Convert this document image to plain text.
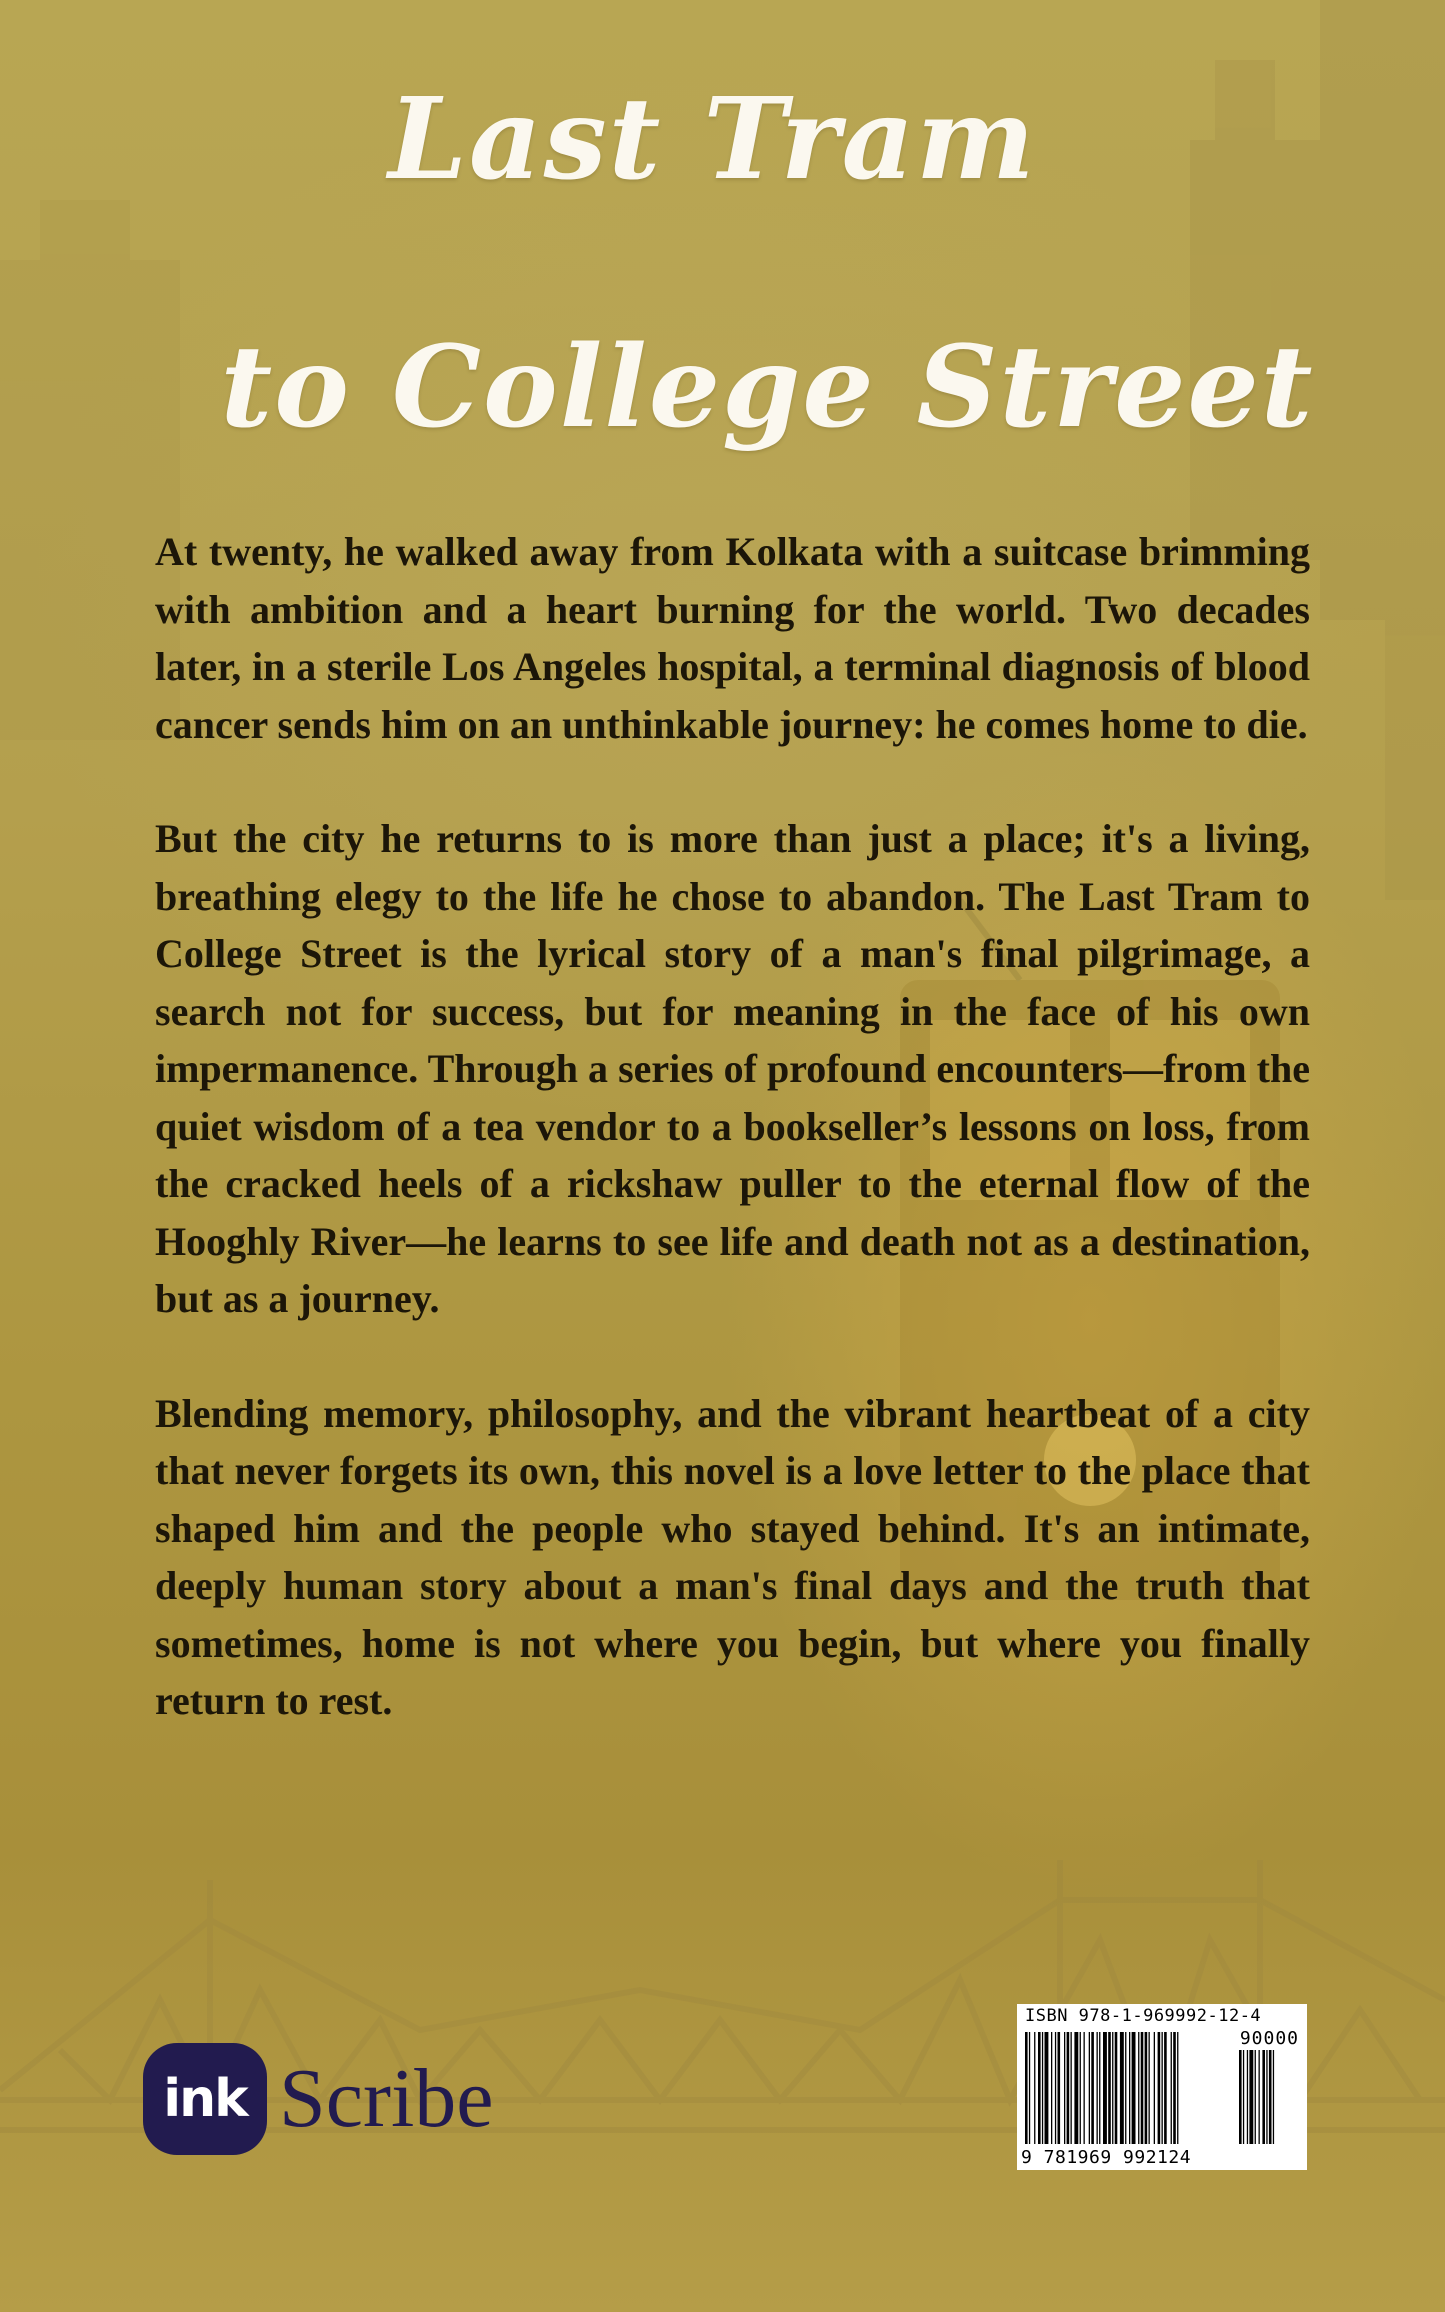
Last Tram
to College Street

At twenty, he walked away from Kolkata with a suitcase brimming with ambition and a heart burning for the world. Two decades later, in a sterile Los Angeles hospital, a terminal diagnosis of blood cancer sends him on an unthinkable journey: he comes home to die.

But the city he returns to is more than just a place; it's a living, breathing elegy to the life he chose to abandon. The Last Tram to College Street is the lyrical story of a man's final pilgrimage, a search not for success, but for meaning in the face of his own impermanence. Through a series of profound encounters—from the quiet wisdom of a tea vendor to a bookseller’s lessons on loss, from the cracked heels of a rickshaw puller to the eternal flow of the Hooghly River—he learns to see life and death not as a destination, but as a journey.

Blending memory, philosophy, and the vibrant heartbeat of a city that never forgets its own, this novel is a love letter to the place that shaped him and the people who stayed behind. It's an intimate, deeply human story about a man's final days and the truth that sometimes, home is not where you begin, but where you finally return to rest.

ink Scribe
ISBN 978-1-969992-12-4
90000
9 781969 992124
